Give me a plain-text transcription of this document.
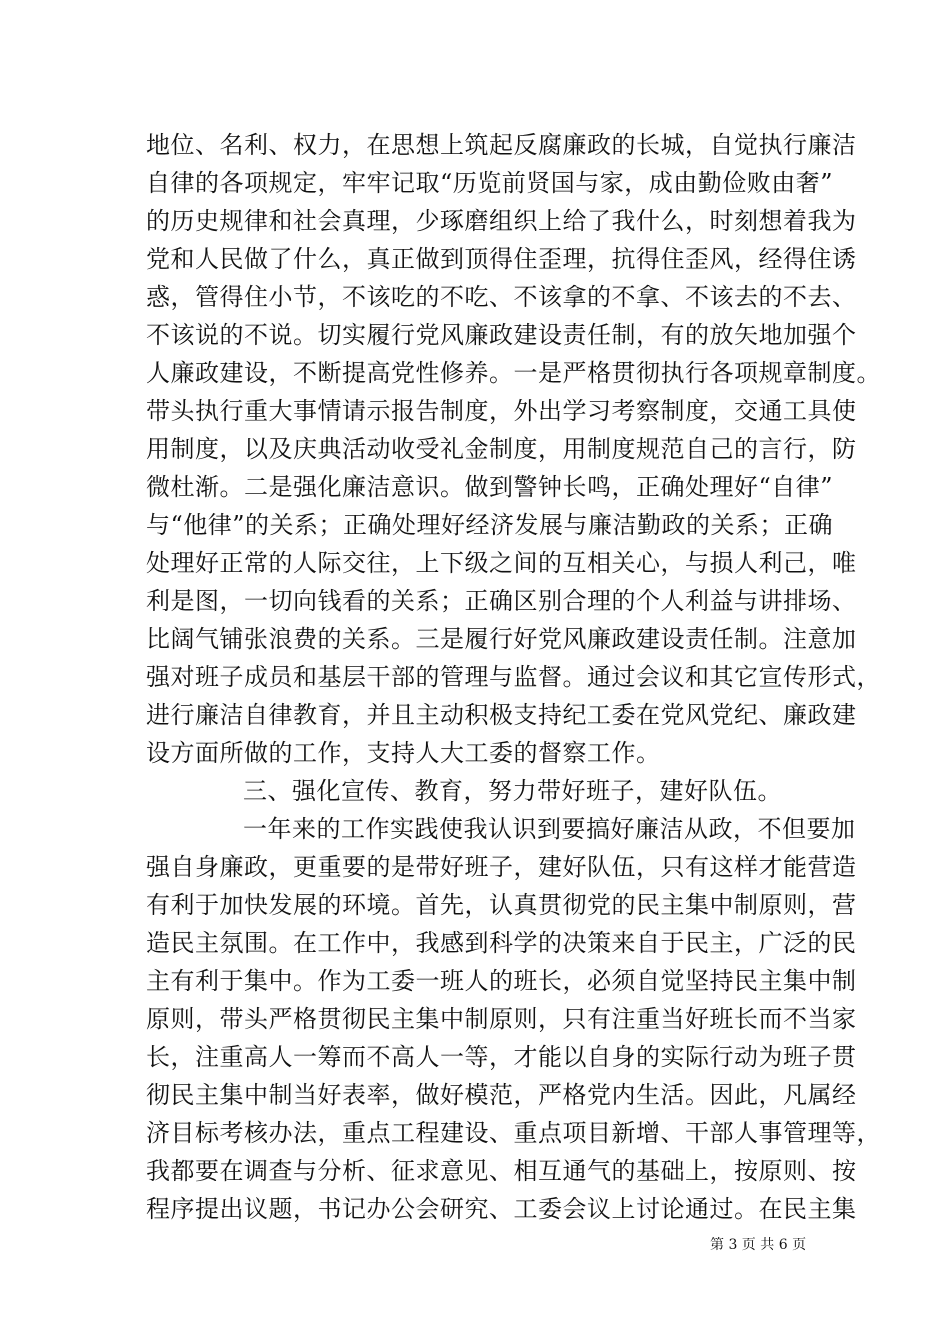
地位、名利、权力，在思想上筑起反腐廉政的长城，自觉执行廉洁
自律的各项规定，牢牢记取“历览前贤国与家，成由勤俭败由奢”
的历史规律和社会真理，少琢磨组织上给了我什么，时刻想着我为
党和人民做了什么，真正做到顶得住歪理，抗得住歪风，经得住诱
惑，管得住小节，不该吃的不吃、不该拿的不拿、不该去的不去、
不该说的不说。切实履行党风廉政建设责任制，有的放矢地加强个
人廉政建设，不断提高党性修养。一是严格贯彻执行各项规章制度。
带头执行重大事情请示报告制度，外出学习考察制度，交通工具使
用制度，以及庆典活动收受礼金制度，用制度规范自己的言行，防
微杜渐。二是强化廉洁意识。做到警钟长鸣，正确处理好“自律”
与“他律”的关系；正确处理好经济发展与廉洁勤政的关系；正确
处理好正常的人际交往，上下级之间的互相关心，与损人利己，唯
利是图，一切向钱看的关系；正确区别合理的个人利益与讲排场、
比阔气铺张浪费的关系。三是履行好党风廉政建设责任制。注意加
强对班子成员和基层干部的管理与监督。通过会议和其它宣传形式，
进行廉洁自律教育，并且主动积极支持纪工委在党风党纪、廉政建
设方面所做的工作，支持人大工委的督察工作。
三、强化宣传、教育，努力带好班子，建好队伍。
一年来的工作实践使我认识到要搞好廉洁从政，不但要加
强自身廉政，更重要的是带好班子，建好队伍，只有这样才能营造
有利于加快发展的环境。首先，认真贯彻党的民主集中制原则，营
造民主氛围。在工作中，我感到科学的决策来自于民主，广泛的民
主有利于集中。作为工委一班人的班长，必须自觉坚持民主集中制
原则，带头严格贯彻民主集中制原则，只有注重当好班长而不当家
长，注重高人一筹而不高人一等，才能以自身的实际行动为班子贯
彻民主集中制当好表率，做好模范，严格党内生活。因此，凡属经
济目标考核办法，重点工程建设、重点项目新增、干部人事管理等，
我都要在调查与分析、征求意见、相互通气的基础上，按原则、按
程序提出议题，书记办公会研究、工委会议上讨论通过。在民主集
第 3 页 共 6 页
